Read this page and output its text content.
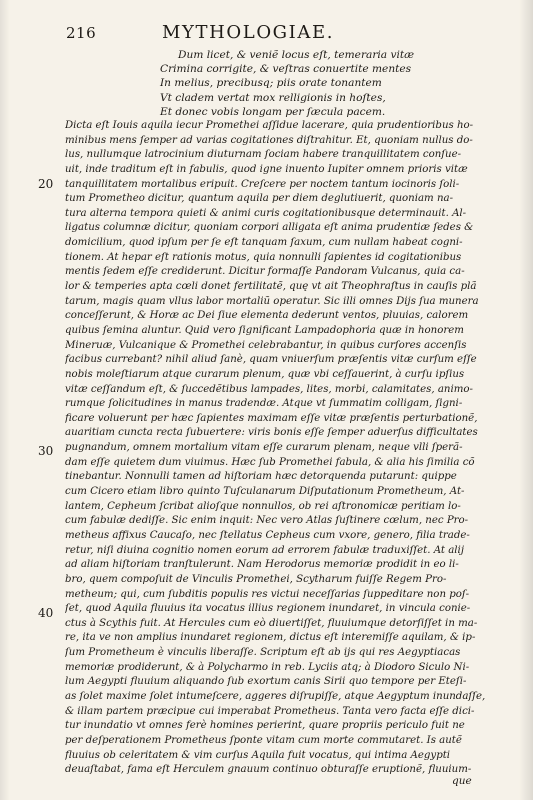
216	MYTHOLOGIAE.
Dum licet, & veniẽ locus eſt, temeraria vitæ
Crimina corrigite, & veſtras conuertite mentes
In melius, precibusq; piis orate tonantem
Vt cladem vertat mox relligionis in hoſtes,
Et donec vobis longam per ſæcula pacem.
Dicta eſt Iouis aquila iecur Promethei aſſidue lacerare, quia prudentioribus ho-
minibus mens ſemper ad varias cogitationes diſtrahitur. Et, quoniam nullus do-
lus, nullumque latrocinium diuturnam ſociam habere tranquillitatem conſue-
uit, inde traditum eſt in fabulis, quod igne inuento Iupiter omnem prioris vitæ
tanquillitatem mortalibus eripuit. Creſcere per noctem tantum iocinoris ſoli-
tum Prometheo dicitur, quantum aquila per diem deglutiuerit, quoniam na-
tura alterna tempora quieti & animi curis cogitationibusque determinauit. Al-
ligatus columnæ dicitur, quoniam corpori alligata eſt anima prudentiæ ſedes &
domicilium, quod ipſum per ſe eſt tanquam ſaxum, cum nullam habeat cogni-
tionem. At hepar eſt rationis motus, quia nonnulli ſapientes id cogitationibus
mentis ſedem eſſe crediderunt. Dicitur formaſſe Pandoram Vulcanus, quia ca-
lor & temperies apta cœli donet fertilitatẽ, quę vt ait Theophraſtus in cauſis plã
tarum, magis quam vllus labor mortaliũ operatur. Sic illi omnes Dijs ſua munera
conceſſerunt, & Horæ ac Dei ſiue elementa dederunt ventos, pluuias, calorem
quibus ſemina aluntur. Quid vero ſignificant Lampadophoria quæ in honorem
Mineruæ, Vulcanique & Promethei celebrabantur, in quibus curſores accenſis
facibus currebant? nihil aliud ſanè, quam vniuerſum præſentis vitæ curſum eſſe
nobis moleſtiarum atque curarum plenum, quæ vbi ceſſauerint, à curſu ipſius
vitæ ceſſandum eſt, & ſuccedẽtibus lampades, lites, morbi, calamitates, animo-
rumque ſolicitudines in manus tradendæ. Atque vt ſummatim colligam, ſigni-
ficare voluerunt per hæc ſapientes maximam eſſe vitæ præſentis perturbationẽ,
auaritiam cuncta recta ſubuertere: viris bonis eſſe ſemper aduerſus difficultates
pugnandum, omnem mortalium vitam eſſe curarum plenam, neque vlli ſperã-
dam eſſe quietem dum viuimus. Hæc ſub Promethei fabula, & alia his ſimilia cõ
tinebantur. Nonnulli tamen ad hiſtoriam hæc detorquenda putarunt: quippe
cum Cicero etiam libro quinto Tuſculanarum Diſputationum Prometheum, At-
lantem, Cepheum ſcribat alioſque nonnullos, ob rei aſtronomicæ peritiam lo-
cum fabulæ dediſſe. Sic enim inquit: Nec vero Atlas ſuſtinere cœlum, nec Pro-
metheus affixus Caucaſo, nec ſtellatus Cepheus cum vxore, genero, filia trade-
retur, niſi diuina cognitio nomen eorum ad errorem fabulæ traduxiſſet. At alij
ad aliam hiſtoriam tranſtulerunt. Nam Herodorus memoriæ prodidit in eo li-
bro, quem compoſuit de Vinculis Promethei, Scytharum fuiſſe Regem Pro-
metheum; qui, cum ſubditis populis res victui neceſſarias ſuppeditare non poſ-
ſet, quod Aquila fluuius ita vocatus illius regionem inundaret, in vincula conie-
ctus à Scythis fuit. At Hercules cum eò diuertiſſet, fluuiumque detorſiſſet in ma-
re, ita ve non amplius inundaret regionem, dictus eſt interemiſſe aquilam, & ip-
ſum Prometheum è vinculis liberaſſe. Scriptum eſt ab ijs qui res Aegyptiacas
memoriæ prodiderunt, & à Polycharmo in reb. Lyciis atq; à Diodoro Siculo Ni-
lum Aegypti fluuium aliquando ſub exortum canis Sirii quo tempore per Eteſi-
as ſolet maxime ſolet intumeſcere, aggeres diſrupiſſe, atque Aegyptum inundaſſe,
& illam partem præcipue cui imperabat Prometheus. Tanta vero facta eſſe dici-
tur inundatio vt omnes ferè homines perierint, quare propriis periculo fuit ne
per deſperationem Prometheus ſponte vitam cum morte commutaret. Is autẽ
fluuius ob celeritatem & vim curſus Aquila fuit vocatus, qui intima Aegypti
deuaſtabat, fama eſt Herculem gnauum continuo obturaſſe eruptionẽ, fluuium-
20
30
40
que
